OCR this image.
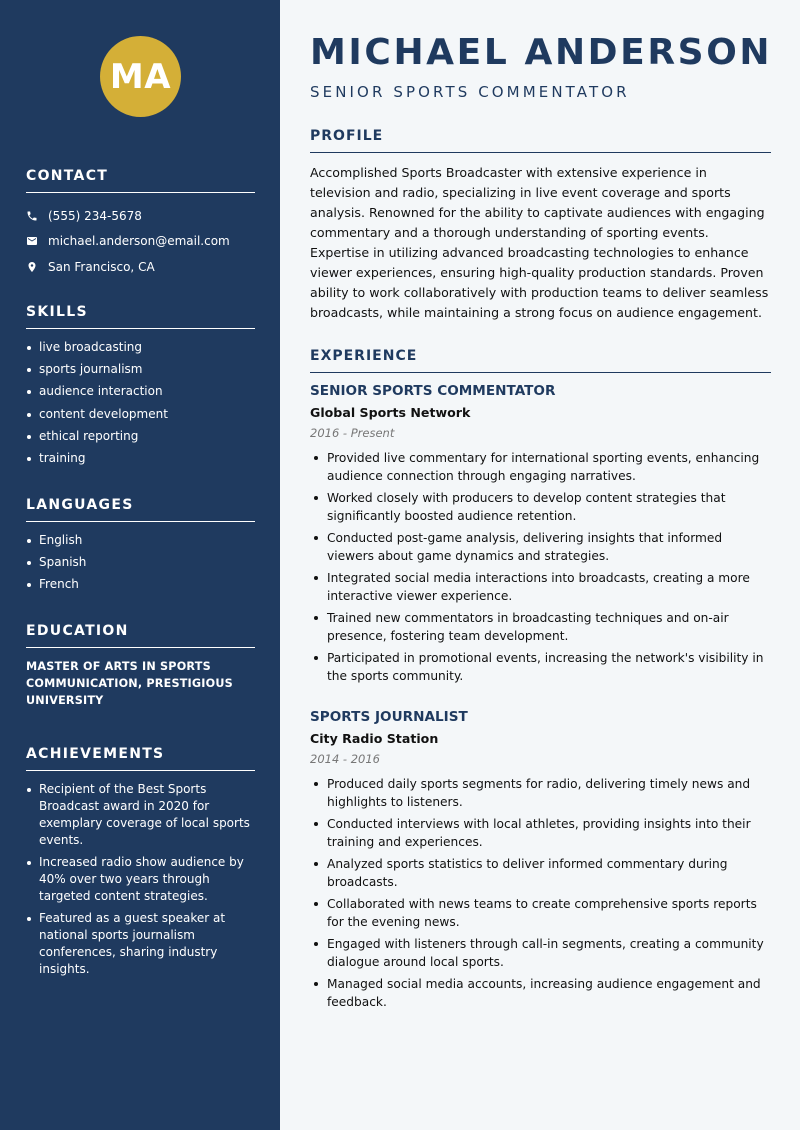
MA
CONTACT
(555) 234-5678
michael.anderson@email.com
San Francisco, CA
SKILLS
live broadcasting
sports journalism
audience interaction
content development
ethical reporting
training
LANGUAGES
English
Spanish
French
EDUCATION

MASTER OF ARTS IN SPORTS COMMUNICATION, PRESTIGIOUS UNIVERSITY

ACHIEVEMENTS
Recipient of the Best Sports Broadcast award in 2020 for exemplary coverage of local sports events.
Increased radio show audience by 40% over two years through targeted content strategies.
Featured as a guest speaker at national sports journalism conferences, sharing industry insights.
MICHAEL ANDERSON
SENIOR SPORTS COMMENTATOR
PROFILE

Accomplished Sports Broadcaster with extensive experience in television and radio, specializing in live event coverage and sports analysis. Renowned for the ability to captivate audiences with engaging commentary and a thorough understanding of sporting events. Expertise in utilizing advanced broadcasting technologies to enhance viewer experiences, ensuring high-quality production standards. Proven ability to work collaboratively with production teams to deliver seamless broadcasts, while maintaining a strong focus on audience engagement.

EXPERIENCE
SENIOR SPORTS COMMENTATOR
Global Sports Network
2016 - Present
Provided live commentary for international sporting events, enhancing audience connection through engaging narratives.
Worked closely with producers to develop content strategies that significantly boosted audience retention.
Conducted post-game analysis, delivering insights that informed viewers about game dynamics and strategies.
Integrated social media interactions into broadcasts, creating a more interactive viewer experience.
Trained new commentators in broadcasting techniques and on-air presence, fostering team development.
Participated in promotional events, increasing the network's visibility in the sports community.
SPORTS JOURNALIST
City Radio Station
2014 - 2016
Produced daily sports segments for radio, delivering timely news and highlights to listeners.
Conducted interviews with local athletes, providing insights into their training and experiences.
Analyzed sports statistics to deliver informed commentary during broadcasts.
Collaborated with news teams to create comprehensive sports reports for the evening news.
Engaged with listeners through call-in segments, creating a community dialogue around local sports.
Managed social media accounts, increasing audience engagement and feedback.
